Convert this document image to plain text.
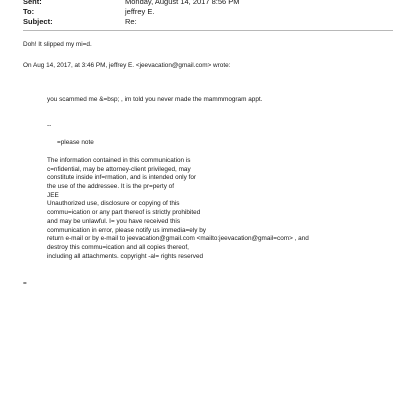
Sent:	Monday, August 14, 2017 8:56 PM
To:	jeffrey E.
Subject:	Re:
Doh! It slipped my mi=d.
On Aug 14, 2017, at 3:46 PM, jeffrey E. <jeevacation@gmail.com> wrote:
you scammed me &=bsp; , im told you never made the mammmogram appt.
--
=please note
The information contained in this communication is
c=nfidential, may be attorney-client privileged, may
constitute inside inf=rmation, and is intended only for
the use of the addressee. It is the pr=perty of
JEE
Unauthorized use, disclosure or copying of this
commu=ication or any part thereof is strictly prohibited
and may be unlawful. I= you have received this
communication in error, please notify us immedia=ely by
return e-mail or by e-mail to jeevacation@gmail.com <mailto:jeevacation@gmail=com> , and
destroy this commu=ication and all copies thereof,
including all attachments. copyright -al= rights reserved
=
